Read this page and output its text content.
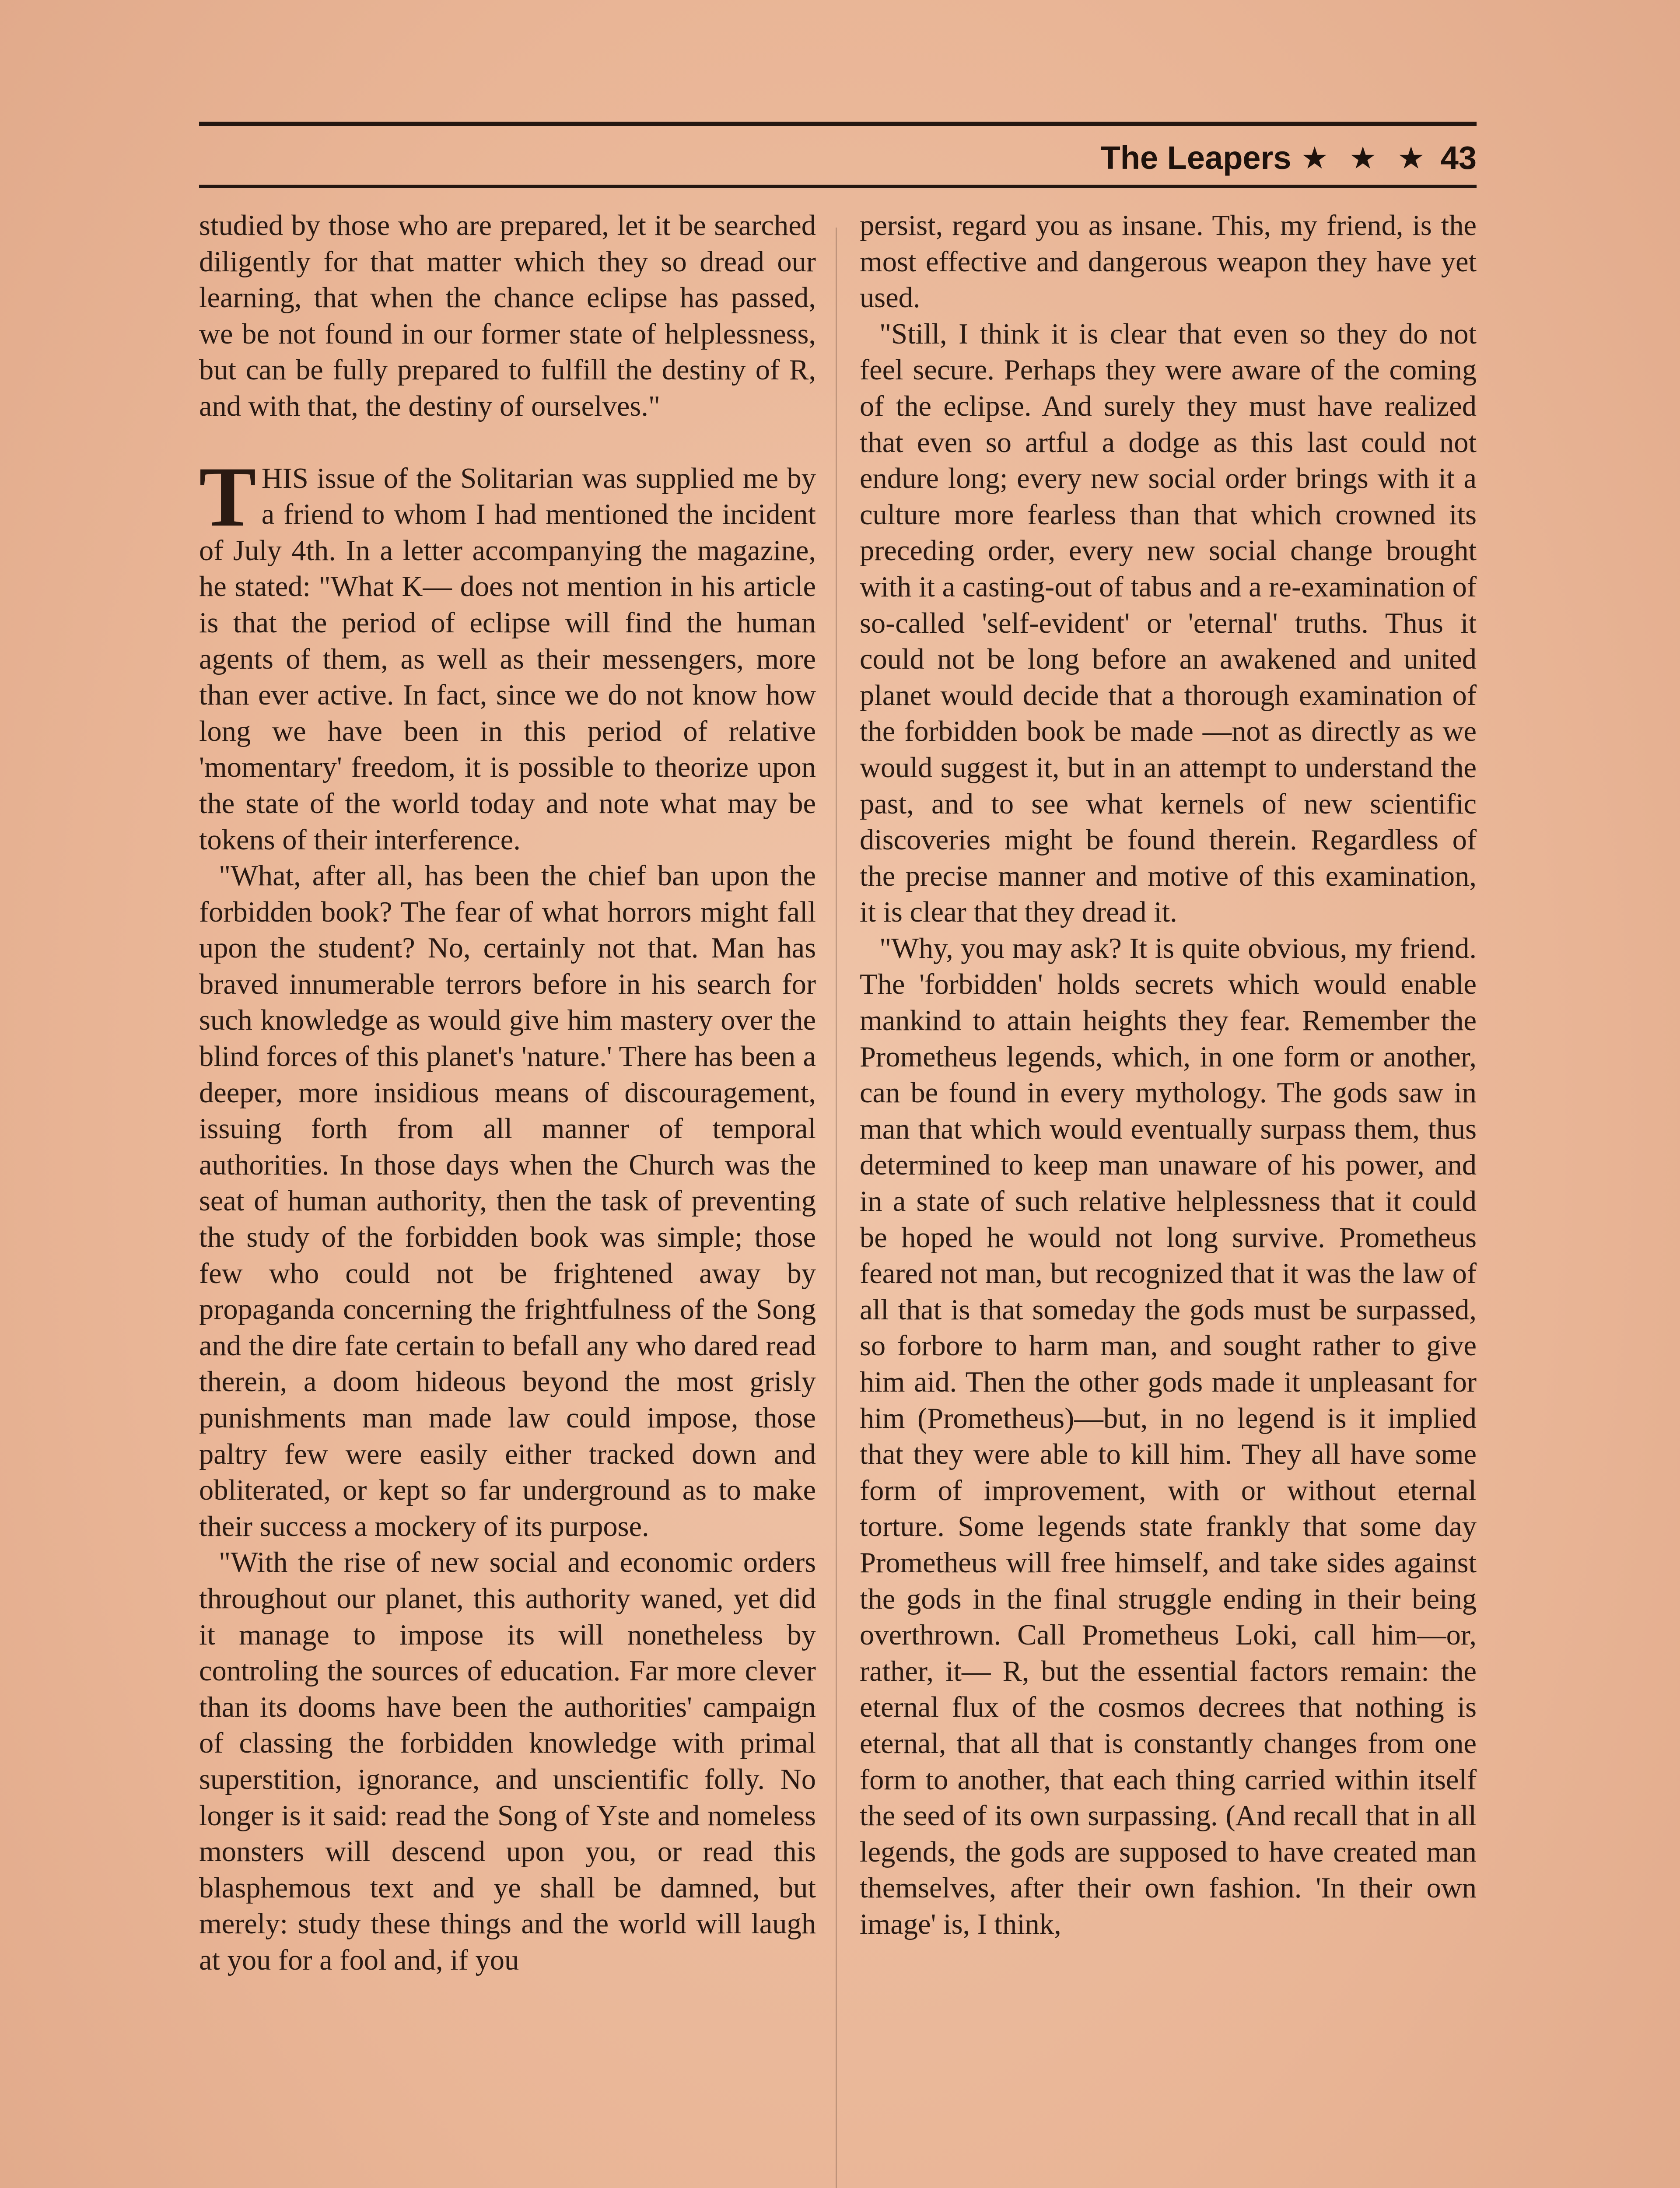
The Leapers ★ ★ ★ 43

studied by those who are prepared, let it be searched diligently for that matter which they so dread our learning, that when the chance eclipse has passed, we be not found in our former state of helplessness, but can be fully prepared to fulfill the destiny of R, and with that, the destiny of ourselves."

THIS issue of the Solitarian was supplied me by a friend to whom I had mentioned the incident of July 4th. In a letter accompanying the magazine, he stated: "What K— does not mention in his article is that the period of eclipse will find the human agents of them, as well as their messengers, more than ever active. In fact, since we do not know how long we have been in this period of relative 'momentary' freedom, it is possible to theorize upon the state of the world today and note what may be tokens of their interference.

"What, after all, has been the chief ban upon the forbidden book? The fear of what horrors might fall upon the student? No, certainly not that. Man has braved innumerable terrors before in his search for such knowledge as would give him mastery over the blind forces of this planet's 'nature.' There has been a deeper, more insidious means of discouragement, issuing forth from all manner of temporal authorities. In those days when the Church was the seat of human authority, then the task of preventing the study of the forbidden book was simple; those few who could not be frightened away by propaganda concerning the frightfulness of the Song and the dire fate certain to befall any who dared read therein, a doom hideous beyond the most grisly punishments man made law could impose, those paltry few were easily either tracked down and obliterated, or kept so far underground as to make their success a mockery of its purpose.

"With the rise of new social and economic orders throughout our planet, this authority waned, yet did it manage to impose its will nonetheless by controling the sources of education. Far more clever than its dooms have been the authorities' campaign of classing the forbidden knowledge with primal superstition, ignorance, and unscientific folly. No longer is it said: read the Song of Yste and nomeless monsters will descend upon you, or read this blasphemous text and ye shall be damned, but merely: study these things and the world will laugh at you for a fool and, if you

persist, regard you as insane. This, my friend, is the most effective and dangerous weapon they have yet used.

"Still, I think it is clear that even so they do not feel secure. Perhaps they were aware of the coming of the eclipse. And surely they must have realized that even so artful a dodge as this last could not endure long; every new social order brings with it a culture more fearless than that which crowned its preceding order, every new social change brought with it a casting-out of tabus and a re-examination of so-called 'self-evident' or 'eternal' truths. Thus it could not be long before an awakened and united planet would decide that a thorough examination of the forbidden book be made —not as directly as we would suggest it, but in an attempt to understand the past, and to see what kernels of new scientific discoveries might be found therein. Regardless of the precise manner and motive of this examination, it is clear that they dread it.

"Why, you may ask? It is quite obvious, my friend. The 'forbidden' holds secrets which would enable mankind to attain heights they fear. Remember the Prometheus legends, which, in one form or another, can be found in every mythology. The gods saw in man that which would eventually surpass them, thus determined to keep man unaware of his power, and in a state of such relative helplessness that it could be hoped he would not long survive. Prometheus feared not man, but recognized that it was the law of all that is that someday the gods must be surpassed, so forbore to harm man, and sought rather to give him aid. Then the other gods made it unpleasant for him (Prometheus)—but, in no legend is it implied that they were able to kill him. They all have some form of improvement, with or without eternal torture. Some legends state frankly that some day Prometheus will free himself, and take sides against the gods in the final struggle ending in their being overthrown. Call Prometheus Loki, call him—or, rather, it— R, but the essential factors remain: the eternal flux of the cosmos decrees that nothing is eternal, that all that is constantly changes from one form to another, that each thing carried within itself the seed of its own surpassing. (And recall that in all legends, the gods are supposed to have created man themselves, after their own fashion. 'In their own image' is, I think,
